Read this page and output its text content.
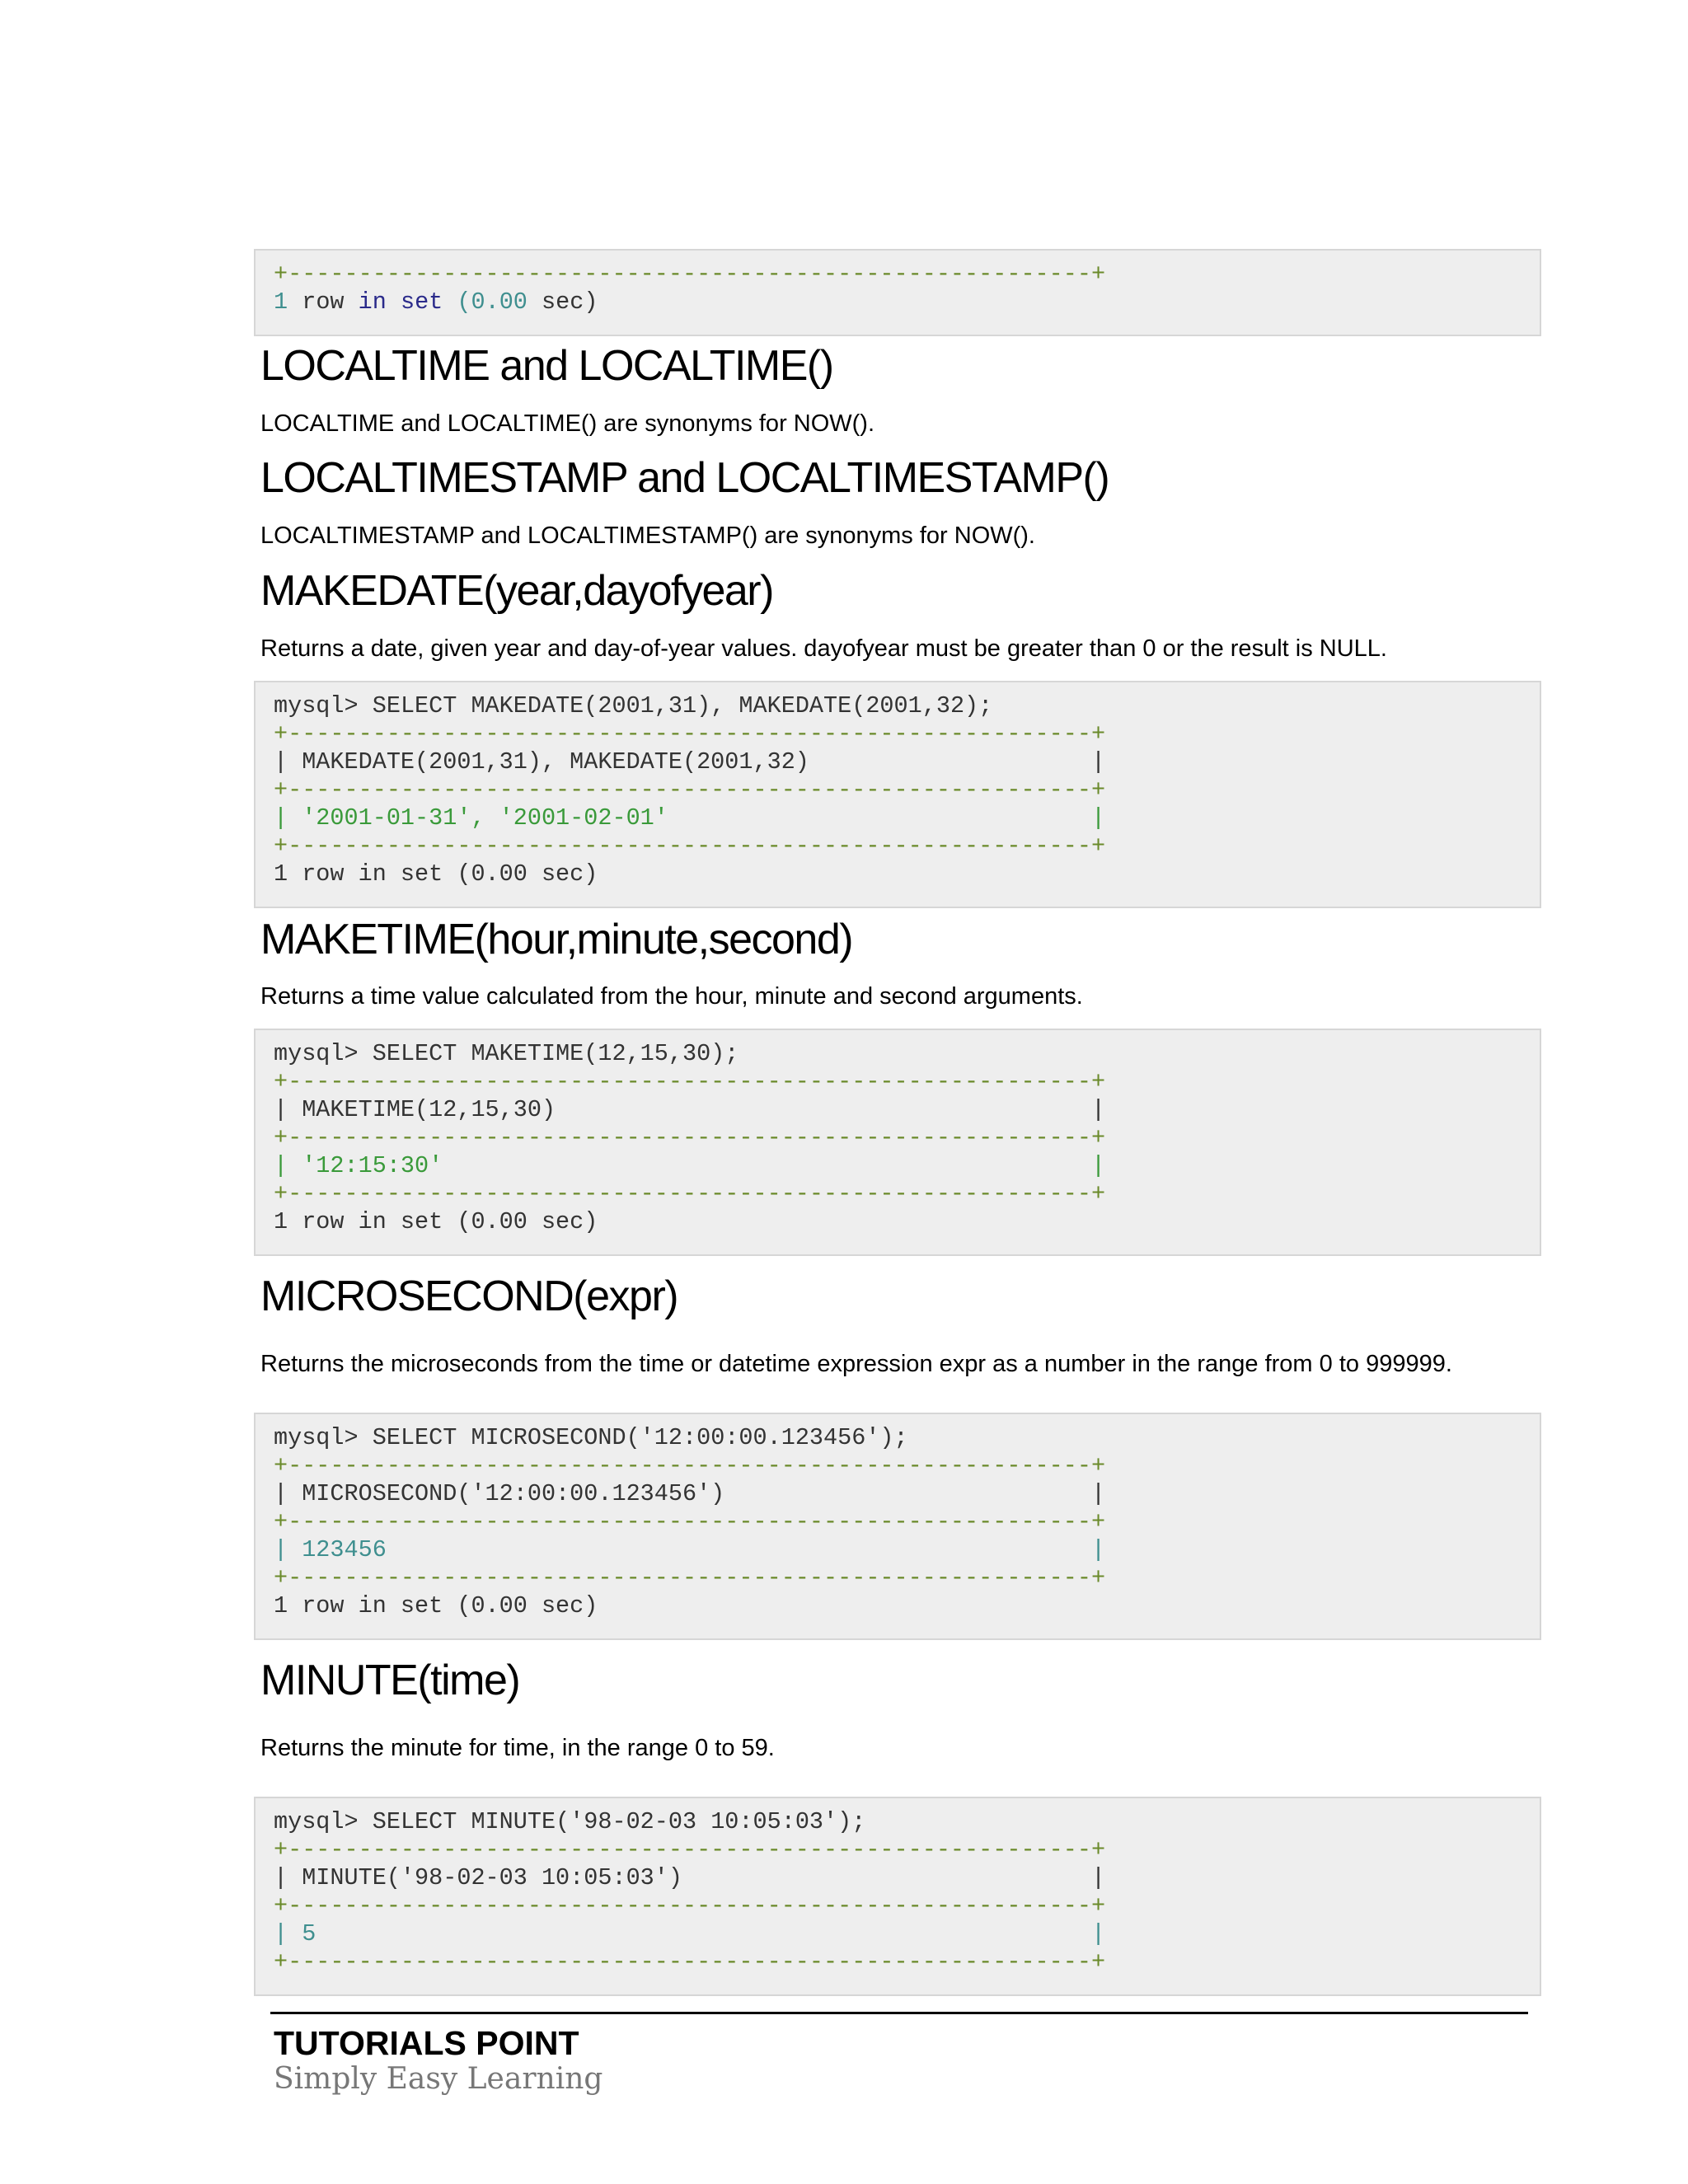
+---------------------------------------------------------+
1 row in set (0.00 sec)
LOCALTIME and LOCALTIME()

LOCALTIME and LOCALTIME() are synonyms for NOW().

LOCALTIMESTAMP and LOCALTIMESTAMP()

LOCALTIMESTAMP and LOCALTIMESTAMP() are synonyms for NOW().

MAKEDATE(year,dayofyear)

Returns a date, given year and day-of-year values. dayofyear must be greater than 0 or the result is NULL.

mysql> SELECT MAKEDATE(2001,31), MAKEDATE(2001,32);
+---------------------------------------------------------+
| MAKEDATE(2001,31), MAKEDATE(2001,32)                    |
+---------------------------------------------------------+
| '2001-01-31', '2001-02-01'                              |
+---------------------------------------------------------+
1 row in set (0.00 sec)
MAKETIME(hour,minute,second)

Returns a time value calculated from the hour, minute and second arguments.

mysql> SELECT MAKETIME(12,15,30);
+---------------------------------------------------------+
| MAKETIME(12,15,30)                                      |
+---------------------------------------------------------+
| '12:15:30'                                              |
+---------------------------------------------------------+
1 row in set (0.00 sec)
MICROSECOND(expr)

Returns the microseconds from the time or datetime expression expr as a number in the range from 0 to 999999.

mysql> SELECT MICROSECOND('12:00:00.123456');
+---------------------------------------------------------+
| MICROSECOND('12:00:00.123456')                          |
+---------------------------------------------------------+
| 123456                                                  |
+---------------------------------------------------------+
1 row in set (0.00 sec)
MINUTE(time)

Returns the minute for time, in the range 0 to 59.

mysql> SELECT MINUTE('98-02-03 10:05:03');
+---------------------------------------------------------+
| MINUTE('98-02-03 10:05:03')                             |
+---------------------------------------------------------+
| 5                                                       |
+---------------------------------------------------------+

TUTORIALS POINT

Simply Easy Learning
